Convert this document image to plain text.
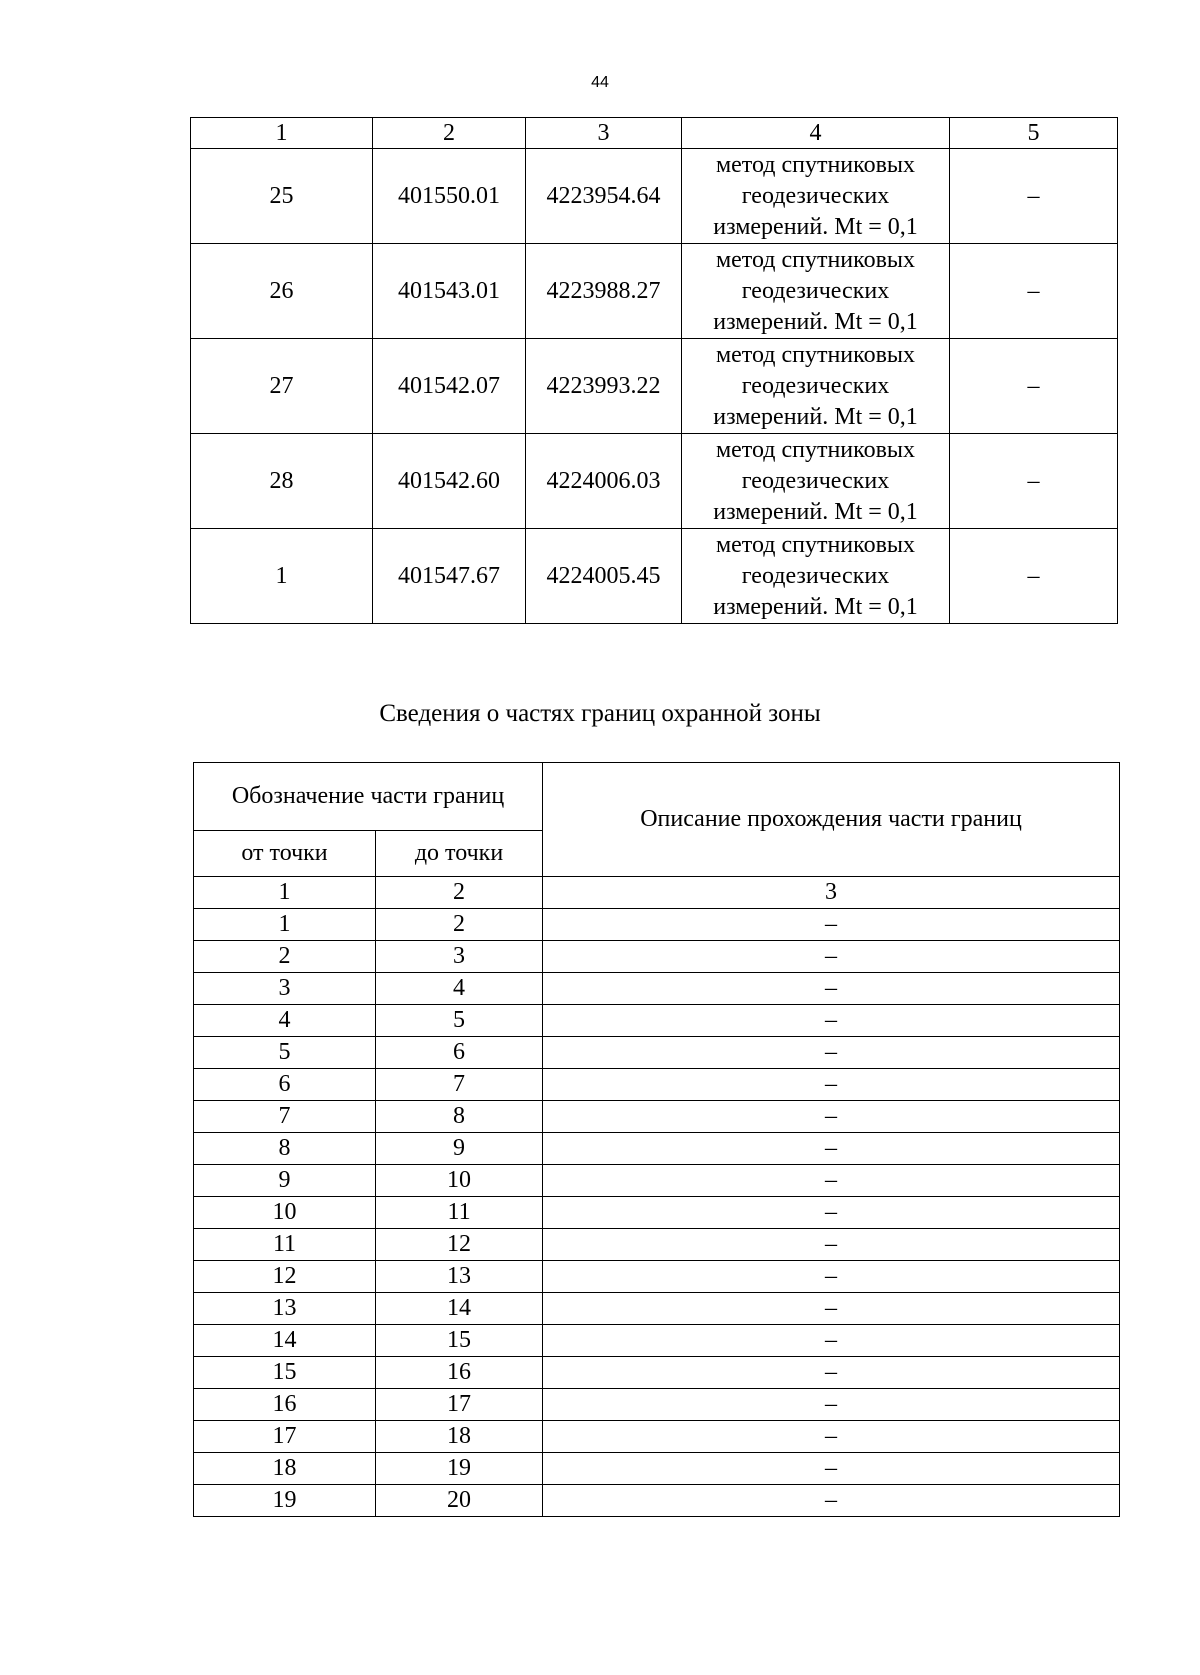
44
1	2	3	4	5
25	401550.01	4223954.64	метод спутниковых
геодезических
измерений. Mt = 0,1	–
26	401543.01	4223988.27	метод спутниковых
геодезических
измерений. Mt = 0,1	–
27	401542.07	4223993.22	метод спутниковых
геодезических
измерений. Mt = 0,1	–
28	401542.60	4224006.03	метод спутниковых
геодезических
измерений. Mt = 0,1	–
1	401547.67	4224005.45	метод спутниковых
геодезических
измерений. Mt = 0,1	–
Сведения о частях границ охранной зоны
Обозначение части границ		Описание прохождения части границ
от точки	до точки	
1	2	3
1	2	–
2	3	–
3	4	–
4	5	–
5	6	–
6	7	–
7	8	–
8	9	–
9	10	–
10	11	–
11	12	–
12	13	–
13	14	–
14	15	–
15	16	–
16	17	–
17	18	–
18	19	–
19	20	–
